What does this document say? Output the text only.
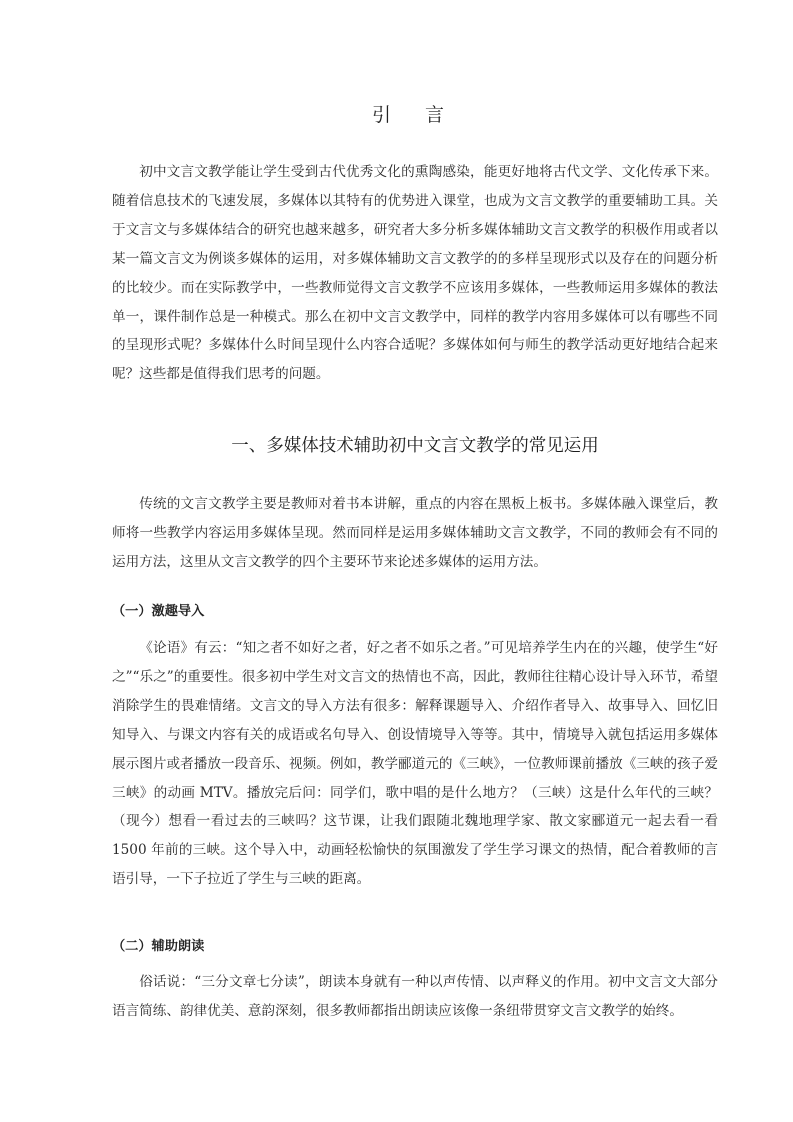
引 言

初中文言文教学能让学生受到古代优秀文化的熏陶感染，能更好地将古代文学、文化传承下来。随着信息技术的飞速发展，多媒体以其特有的优势进入课堂，也成为文言文教学的重要辅助工具。关于文言文与多媒体结合的研究也越来越多，研究者大多分析多媒体辅助文言文教学的积极作用或者以某一篇文言文为例谈多媒体的运用，对多媒体辅助文言文教学的的多样呈现形式以及存在的问题分析的比较少。而在实际教学中，一些教师觉得文言文教学不应该用多媒体，一些教师运用多媒体的教法单一，课件制作总是一种模式。那么在初中文言文教学中，同样的教学内容用多媒体可以有哪些不同的呈现形式呢？多媒体什么时间呈现什么内容合适呢？多媒体如何与师生的教学活动更好地结合起来呢？这些都是值得我们思考的问题。

一、多媒体技术辅助初中文言文教学的常见运用

传统的文言文教学主要是教师对着书本讲解，重点的内容在黑板上板书。多媒体融入课堂后，教师将一些教学内容运用多媒体呈现。然而同样是运用多媒体辅助文言文教学，不同的教师会有不同的运用方法，这里从文言文教学的四个主要环节来论述多媒体的运用方法。

（一）激趣导入

《论语》有云：“知之者不如好之者，好之者不如乐之者。”可见培养学生内在的兴趣，使学生“好之”“乐之”的重要性。很多初中学生对文言文的热情也不高，因此，教师往往精心设计导入环节，希望消除学生的畏难情绪。文言文的导入方法有很多：解释课题导入、介绍作者导入、故事导入、回忆旧知导入、与课文内容有关的成语或名句导入、创设情境导入等等。其中，情境导入就包括运用多媒体展示图片或者播放一段音乐、视频。例如，教学郦道元的《三峡》，一位教师课前播放《三峡的孩子爱三峡》的动画 MTV。播放完后问：同学们，歌中唱的是什么地方？（三峡）这是什么年代的三峡？（现今）想看一看过去的三峡吗？这节课，让我们跟随北魏地理学家、散文家郦道元一起去看一看 1500 年前的三峡。这个导入中，动画轻松愉快的氛围激发了学生学习课文的热情，配合着教师的言语引导，一下子拉近了学生与三峡的距离。

（二）辅助朗读

俗话说：“三分文章七分读”，朗读本身就有一种以声传情、以声释义的作用。初中文言文大部分语言简练、韵律优美、意韵深刻，很多教师都指出朗读应该像一条纽带贯穿文言文教学的始终。
